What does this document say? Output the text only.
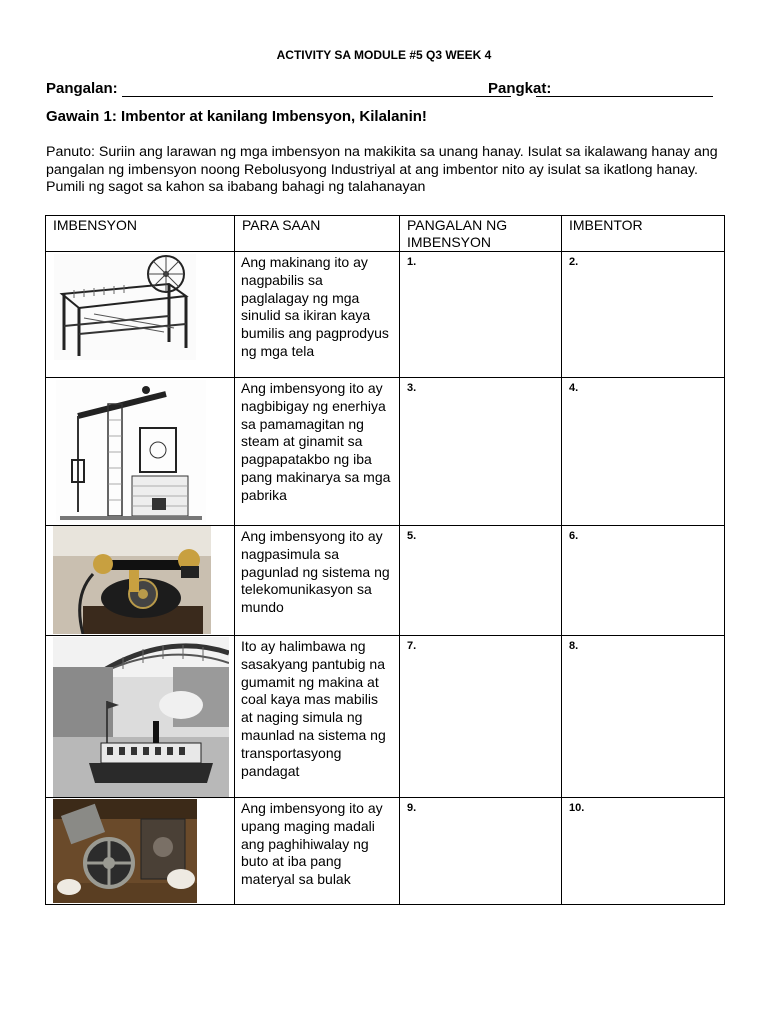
ACTIVITY SA MODULE #5 Q3 WEEK 4
Pangalan:	Pangkat:
Gawain 1: Imbentor at kanilang Imbensyon, Kilalanin!
Panuto: Suriin ang larawan ng mga imbensyon na makikita sa unang hanay. Isulat sa ikalawang hanay ang pangalan ng imbensyon noong Rebolusyong Industriyal at ang imbentor nito ay isulat sa ikatlong hanay. Pumili ng sagot sa kahon sa ibabang bahagi ng talahanayan
IMBENSYON	PARA SAAN	PANGALAN NG IMBENSYON	IMBENTOR

	Ang makinang ito ay nagpabilis sa paglalagay ng mga sinulid sa ikiran kaya bumilis ang pagprodyus ng mga tela	1.	2.

	Ang imbensyong ito ay nagbibigay ng enerhiya sa pamamagitan ng steam at ginamit sa pagpapatakbo ng iba pang makinarya sa mga pabrika	3.	4.

	Ang imbensyong ito ay nagpasimula sa pagunlad ng sistema ng telekomunikasyon sa mundo	5.	6.

	Ito ay halimbawa ng sasakyang pantubig na gumamit ng makina at coal kaya mas mabilis at naging simula ng maunlad na sistema ng transportasyong pandagat	7.	8.

	Ang imbensyong ito ay upang maging madali ang paghihiwalay ng buto at iba pang materyal sa bulak	9.	10.
